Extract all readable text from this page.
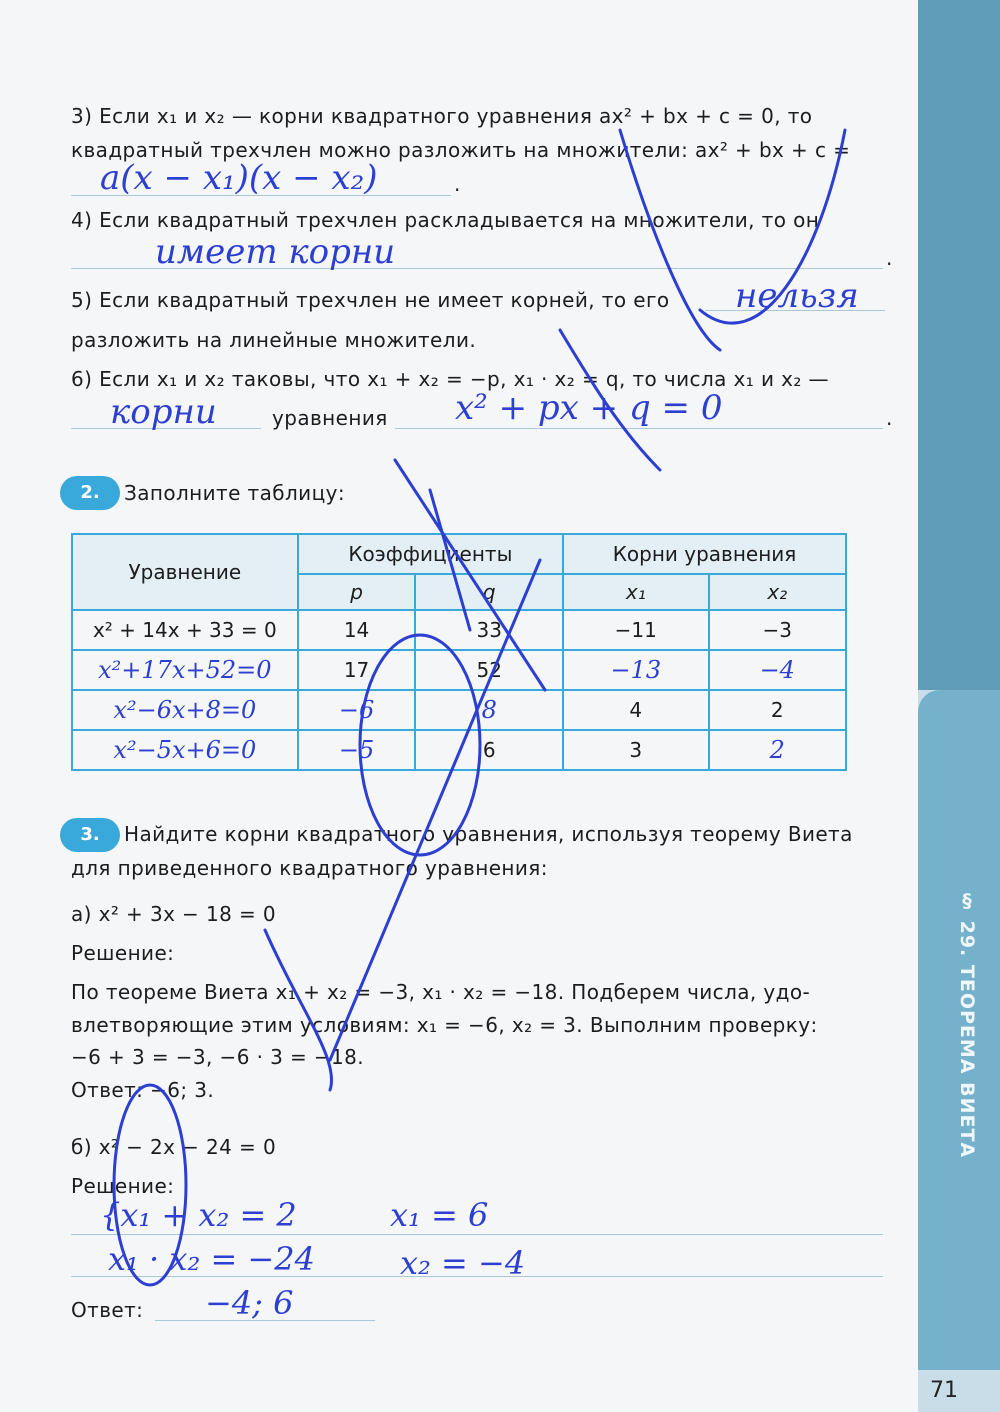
§ 29. ТЕОРЕМА ВИЕТА
71
3) Если x₁ и x₂ — корни квадратного уравнения ax² + bx + c = 0, то
квадратный трехчлен можно разложить на множители: ax² + bx + c =
a(x − x₁)(x − x₂)	.
4) Если квадратный трехчлен раскладывается на множители, то он
имеет корни	.
5) Если квадратный трехчлен не имеет корней, то его нельзя
разложить на линейные множители.
6) Если x₁ и x₂ таковы, что x₁ + x₂ = −p, x₁ · x₂ = q, то числа x₁ и x₂ —
корни	уравнения x² + px + q = 0	.
2.	Заполните таблицу:
Уравнение	Коэффициенты		Корни уравнения	
	p	q	x₁	x₂
x² + 14x + 33 = 0	14	33	−11	−3
x²+17x+52=0	17	52	−13	−4
x²−6x+8=0	−6	8	4	2
x²−5x+6=0	−5	6	3	2
3.	Найдите корни квадратного уравнения, используя теорему Виета
для приведенного квадратного уравнения:
а) x² + 3x − 18 = 0
Решение:
По теореме Виета x₁ + x₂ = −3, x₁ · x₂ = −18. Подберем числа, удо-
влетворяющие этим условиям: x₁ = −6, x₂ = 3. Выполним проверку:
−6 + 3 = −3, −6 · 3 = −18.
Ответ: −6; 3.
б) x² − 2x − 24 = 0
Решение:
{x₁ + x₂ = 2
x₁ · x₂ = −24
x₁ = 6
x₂ = −4
Ответ: −4; 6
